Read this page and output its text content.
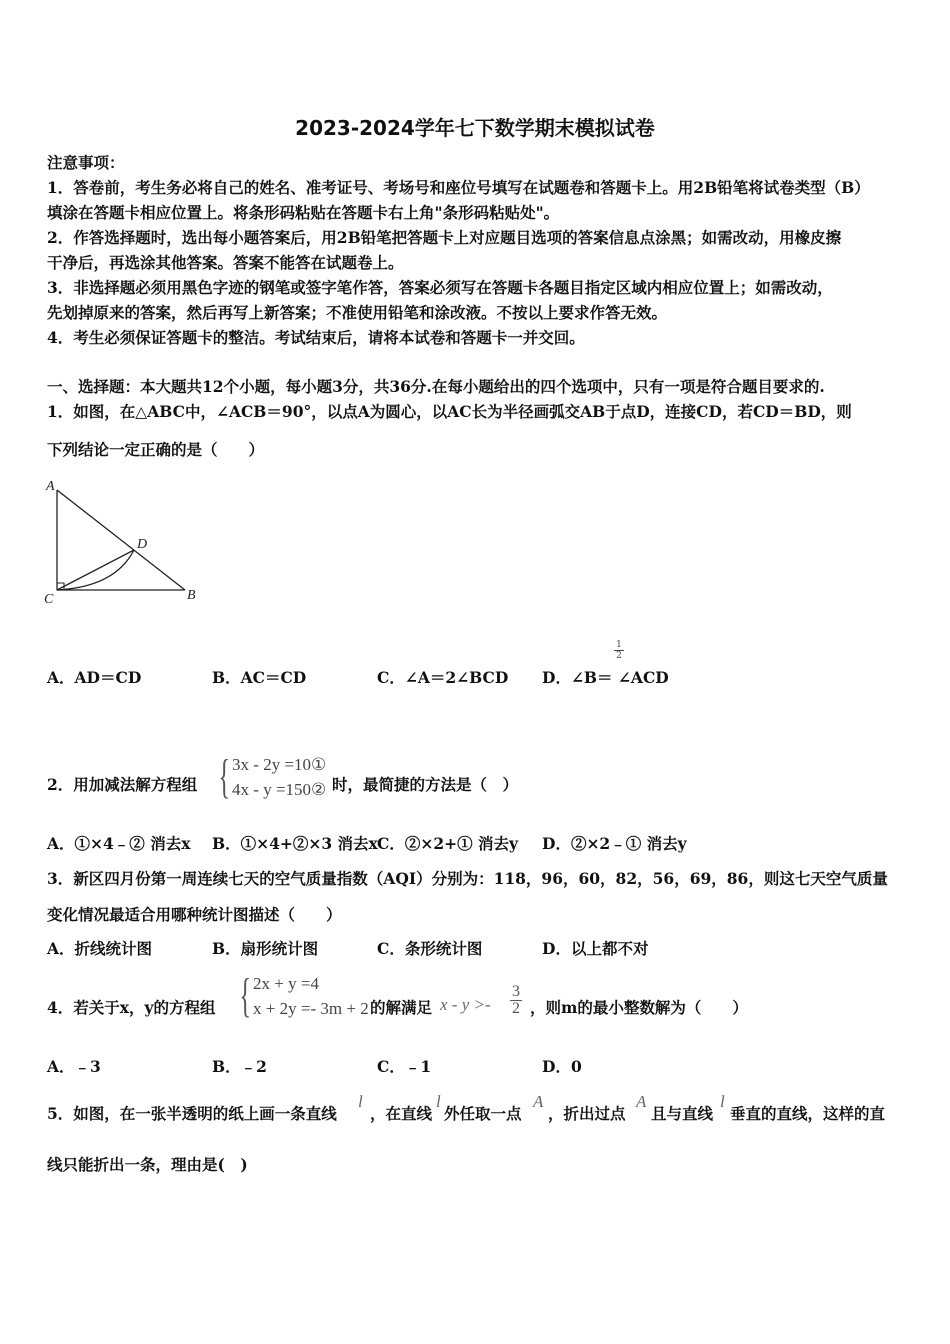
2023-2024学年七下数学期末模拟试卷
注意事项：
1．答卷前，考生务必将自己的姓名、准考证号、考场号和座位号填写在试题卷和答题卡上。用2B铅笔将试卷类型（B）
填涂在答题卡相应位置上。将条形码粘贴在答题卡右上角"条形码粘贴处"。
2．作答选择题时，选出每小题答案后，用2B铅笔把答题卡上对应题目选项的答案信息点涂黑；如需改动，用橡皮擦
干净后，再选涂其他答案。答案不能答在试题卷上。
3．非选择题必须用黑色字迹的钢笔或签字笔作答，答案必须写在答题卡各题目指定区域内相应位置上；如需改动，
先划掉原来的答案，然后再写上新答案；不准使用铅笔和涂改液。不按以上要求作答无效。
4．考生必须保证答题卡的整洁。考试结束后，请将本试卷和答题卡一并交回。
一、选择题：本大题共12个小题，每小题3分，共36分.在每小题给出的四个选项中，只有一项是符合题目要求的.
1．如图，在△ABC中，∠ACB＝90°，以点A为圆心，以AC长为半径画弧交AB于点D，连接CD，若CD＝BD，则
下列结论一定正确的是（　　）
A
D
C	B
$\frac{1}{2}$
A．AD＝CD	B．AC＝CD	C．∠A＝2∠BCD D．∠B＝ ∠ACD
2．用加减法解方程组 { 3x - 2y =10①
4x - y =150② 时，最简捷的方法是（　）
A．①×4﹣② 消去x B．①×4+②×3 消去x C．②×2+① 消去y D．②×2﹣① 消去y
3．新区四月份第一周连续七天的空气质量指数（AQI）分别为：118，96，60，82，56，69，86，则这七天空气质量
变化情况最适合用哪种统计图描述（　　）
A．折线统计图	B．扇形统计图	C．条形统计图	D．以上都不对
4．若关于x，y的方程组 { 2x + y =4
x + 2y =- 3m + 2 的解满足 $x - y >- \frac{3}{2}$ ，则m的最小整数解为（　　）
A．﹣3	B．﹣2	C．﹣1	D．0
5．如图，在一张半透明的纸上画一条直线
l
，在直线
l
外任取一点
A
，折出过点
A
且与直线
l
垂直的直线，这样的直
线只能折出一条，理由是(　)
